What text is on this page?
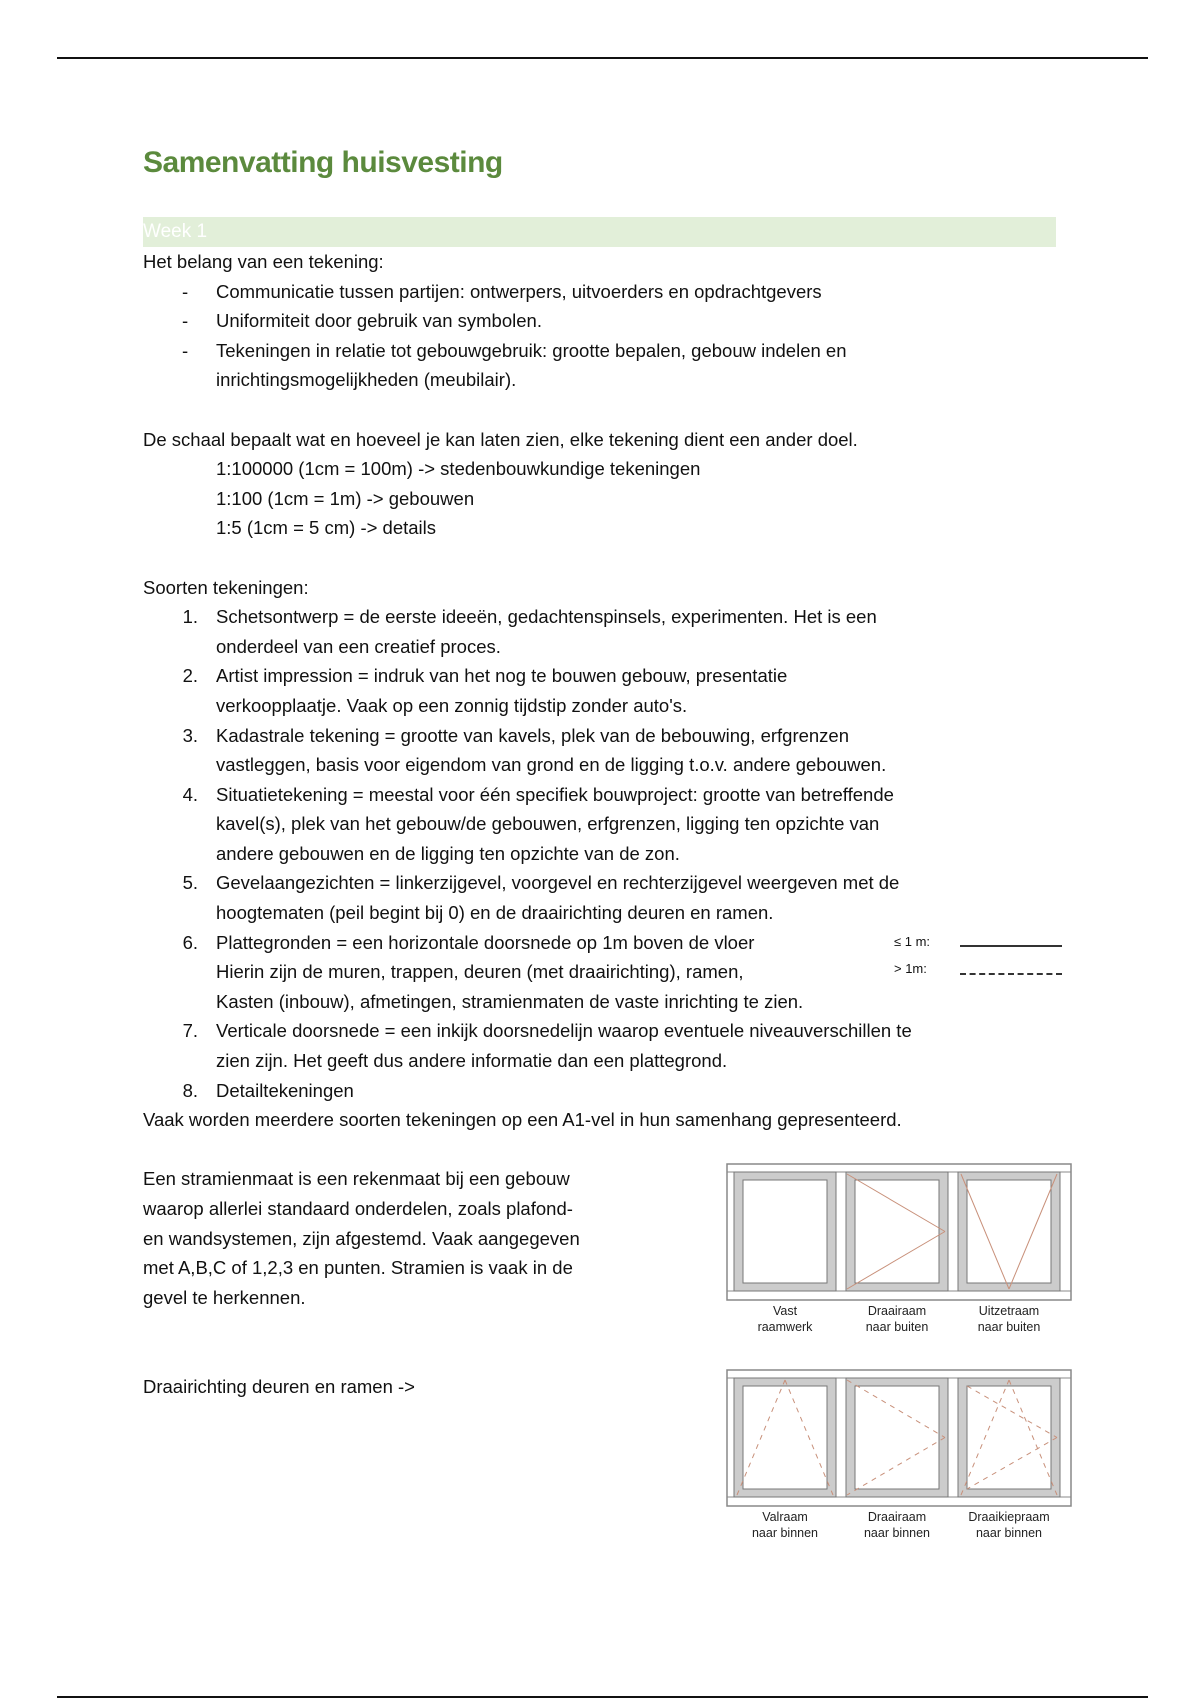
Samenvatting huisvesting
Week 1
Het belang van een tekening:
- Communicatie tussen partijen: ontwerpers, uitvoerders en opdrachtgevers
- Uniformiteit door gebruik van symbolen.
- Tekeningen in relatie tot gebouwgebruik: grootte bepalen, gebouw indelen en
inrichtingsmogelijkheden (meubilair).
De schaal bepaalt wat en hoeveel je kan laten zien, elke tekening dient een ander doel.
1:100000 (1cm = 100m) -> stedenbouwkundige tekeningen
1:100 (1cm = 1m) -> gebouwen
1:5 (1cm = 5 cm) -> details
Soorten tekeningen:
1. Schetsontwerp = de eerste ideeën, gedachtenspinsels, experimenten. Het is een
onderdeel van een creatief proces.
2. Artist impression = indruk van het nog te bouwen gebouw, presentatie
verkoopplaatje. Vaak op een zonnig tijdstip zonder auto's.
3. Kadastrale tekening = grootte van kavels, plek van de bebouwing, erfgrenzen
vastleggen, basis voor eigendom van grond en de ligging t.o.v. andere gebouwen.
4. Situatietekening = meestal voor één specifiek bouwproject: grootte van betreffende
kavel(s), plek van het gebouw/de gebouwen, erfgrenzen, ligging ten opzichte van
andere gebouwen en de ligging ten opzichte van de zon.
5. Gevelaangezichten = linkerzijgevel, voorgevel en rechterzijgevel weergeven met de
hoogtematen (peil begint bij 0) en de draairichting deuren en ramen.
6. Plattegronden = een horizontale doorsnede op 1m boven de vloer
Hierin zijn de muren, trappen, deuren (met draairichting), ramen,
Kasten (inbouw), afmetingen, stramienmaten de vaste inrichting te zien.
7. Verticale doorsnede = een inkijk doorsnedelijn waarop eventuele niveauverschillen te
zien zijn. Het geeft dus andere informatie dan een plattegrond.
8. Detailtekeningen
Vaak worden meerdere soorten tekeningen op een A1-vel in hun samenhang gepresenteerd.
Een stramienmaat is een rekenmaat bij een gebouw
waarop allerlei standaard onderdelen, zoals plafond-
en wandsystemen, zijn afgestemd. Vaak aangegeven
met A,B,C of 1,2,3 en punten. Stramien is vaak in de
gevel te herkennen.
Draairichting deuren en ramen ->
≤ 1 m:
> 1m:
Vast
raamwerk
Draairaam
naar buiten
Uitzetraam
naar buiten
Valraam
naar binnen
Draairaam
naar binnen
Draaikiepraam
naar binnen
